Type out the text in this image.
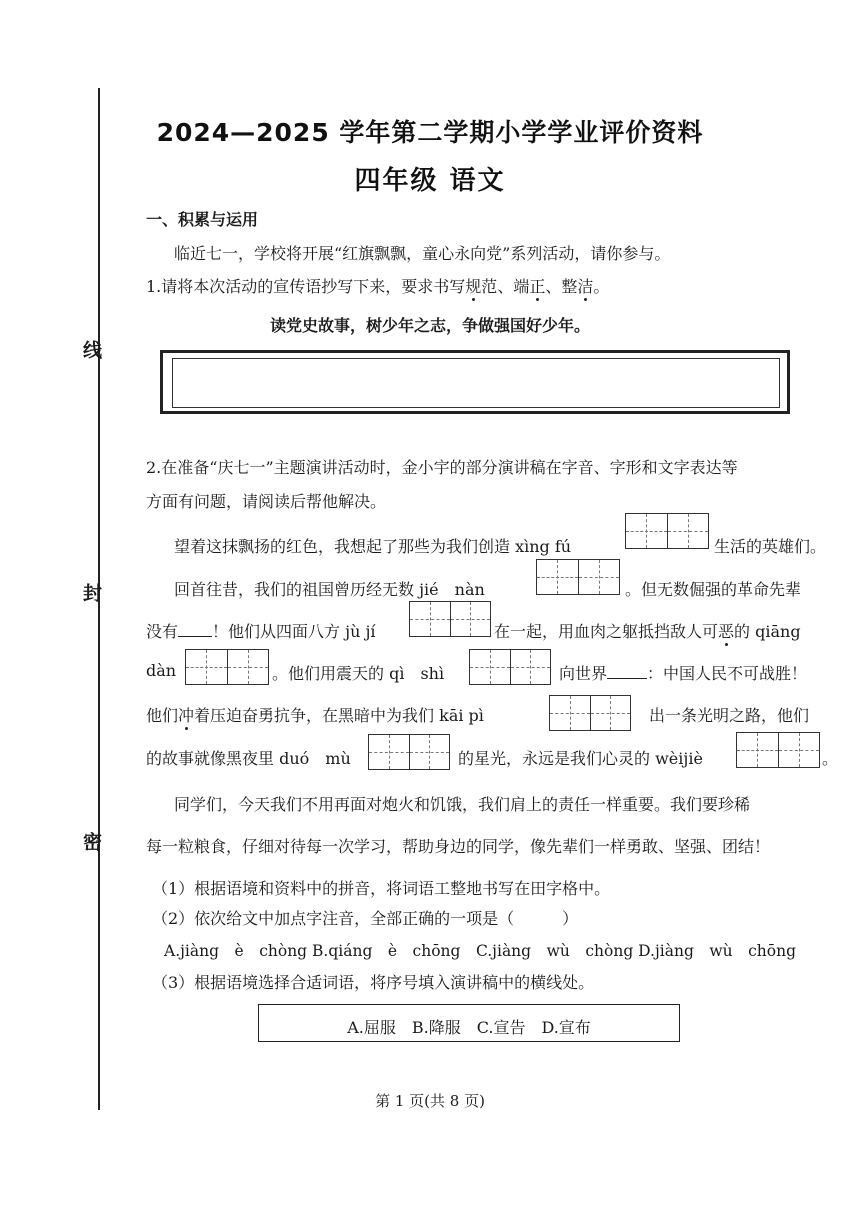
线
封
密
2024—2025 学年第二学期小学学业评价资料
四年级 语文
一、积累与运用
临近七一，学校将开展“红旗飘飘，童心永向党”系列活动，请你参与。
1.请将本次活动的宣传语抄写下来，要求书写规范、端正、整洁。
读党史故事，树少年之志，争做强国好少年。
2.在准备“庆七一”主题演讲活动时，金小宇的部分演讲稿在字音、字形和文字表达等
方面有问题，请阅读后帮他解决。
望着这抹飘扬的红色，我想起了那些为我们创造 xìng fú	生活的英雄们。
回首往昔，我们的祖国曾历经无数 jié　nàn	。但无数倔强的革命先辈
没有 ！他们从四面八方 jù jí	在一起，用血肉之躯抵挡敌人可恶的 qiāng
dàn	。他们用震天的 qì　shì	向世界	：中国人民不可战胜！
他们冲着压迫奋勇抗争，在黑暗中为我们 kāi pì	出一条光明之路，他们
的故事就像黑夜里 duó　mù	的星光，永远是我们心灵的 wèijiè	。
同学们，今天我们不用再面对炮火和饥饿，我们肩上的责任一样重要。我们要珍稀
每一粒粮食，仔细对待每一次学习，帮助身边的同学，像先辈们一样勇敢、坚强、团结！
（1）根据语境和资料中的拼音，将词语工整地书写在田字格中。
（2）依次给文中加点字注音，全部正确的一项是（　　　）
A.jiàng　è　chòng B.qiáng　è　chōng　C.jiàng　wù　chòng D.jiàng　wù　chōng
（3）根据语境选择合适词语，将序号填入演讲稿中的横线处。
A.屈服　B.降服　C.宣告　D.宣布
第 1 页(共 8 页)
